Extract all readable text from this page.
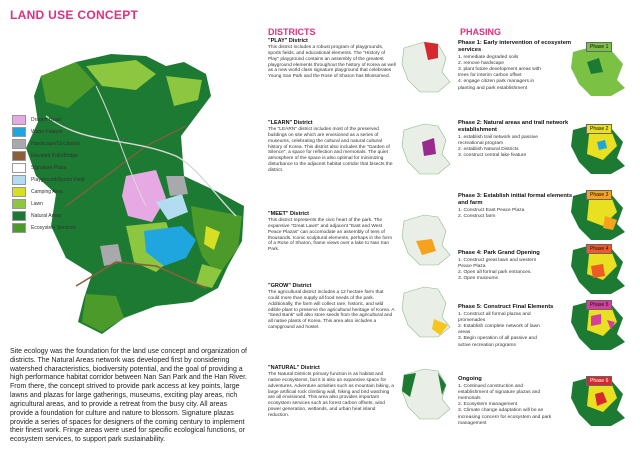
LAND USE CONCEPT
Dragon Head
Water Feature
Hardscape/Circulation
Elevated Path/Bridge
Signature Plaza
Playground/Sports Field
Camping Area
Lawn
Natural Areas
Ecosystem Services
Site ecology was the foundation for the land use concept and organization of districts. The Natural Areas network was developed first by considering watershed characteristics, biodiversity potential, and the goal of providing a high performance habitat corridor between Nan San Park and the Han River. From there, the concept strived to provide park access at key points, large lawns and plazas for large gatherings, museums, exciting play areas, rich agricultural areas, and to provide a retreat from the busy city. All areas provide a foundation for culture and nature to blossom. Signature plazas provide a series of spaces for designers of the coming century to implement their finest work. Fringe areas were used for specific ecological functions, or ecosystem services, to support park sustainability.
DISTRICTS
"PLAY" District
This district includes a robust program of playgrounds, sports fields, and educational elements. The "History of Play" playground contains an assembly of the greatest playground elements throughout the history of Korea as well as a new world class signature playground that celebrates Young San Park and the Rose of Sharon has Blossomed.
"LEARN" District
The "LEARN" district includes most of the preserved buildings on site which are envisioned as a series of museums, celebrating the cultural and natural cultural history of Korea. This district also includes the "Garden of Silence", a space for reflection and memorials. The quiet atmosphere of the space is also optimal for minimizing disturbance to the adjacent habitat corridor that bisects the district.
"MEET" District
This district represents the civic heart of the park. The expansive "Great Lawn" and adjacent "East and West Peace Plazas" can accomodate an assembly of tens of thousands. Iconic sculptural elements, perhaps in the form of a Rose of Sharon, frame views over a lake to Nan San Park.
"GROW" District
The agricultural district includes a 12 hectare farm that could more than supply all food needs of the park. Additionally, the farm will collect rare, historic, and wild edible plant to preserve the agricultural heritage of Korea. A "Seed Bank" will also store seeds from the agricultural and all native plants of Korea. This area also includes a campground and hostel.
"NATURAL" District
The Natural Districts primary function is as habitat and native ecosystems, but it is also an expansive space for adventures. Adventure activities such as mountain biking, a large artificial rock climbing wall, hiking and bird watching are all envisioned. This area also provides important ecosystem services such as forest carbon offsets, wind power generation, wetlands, and urban heat island reduction.
PHASING
Phase 1: Early intervention of ecosystem services
1. remediate degraded soils
2. remove hardscape
3. plant future development areas with
trees for interim carbon offset
4. engage citizen park managers in
planting and park establishment
Phase 2: Natural areas and trail network establishment
1. establish trail network and passive
recreational program
2. establish Natural Districts
3. construct central lake feature
Phase 3: Establish initial formal elements and farm
1. Construct East Peace Plaza
2. Construct farm
Phase 4: Park Grand Opening
1. Construct great lawn and western
Peace Plaza
2. Open all formal park entrances.
3. Open museums
Phase 5: Construct Final Elements
1. Construct all formal plazas and
promenades
2. Establish complete network of lawn
areas
3. Begin operation of all passive and
active recreation programs
Ongoing
1. Continued construction and
establishment of signature plazas and
memorials
2. Ecosystem management
3. Climate change adaptation will be an
increasing concern for ecosystem and park
management
Phase 1
Phase 2
Phase 3
Phase 4
Phase 5
Phase 6
